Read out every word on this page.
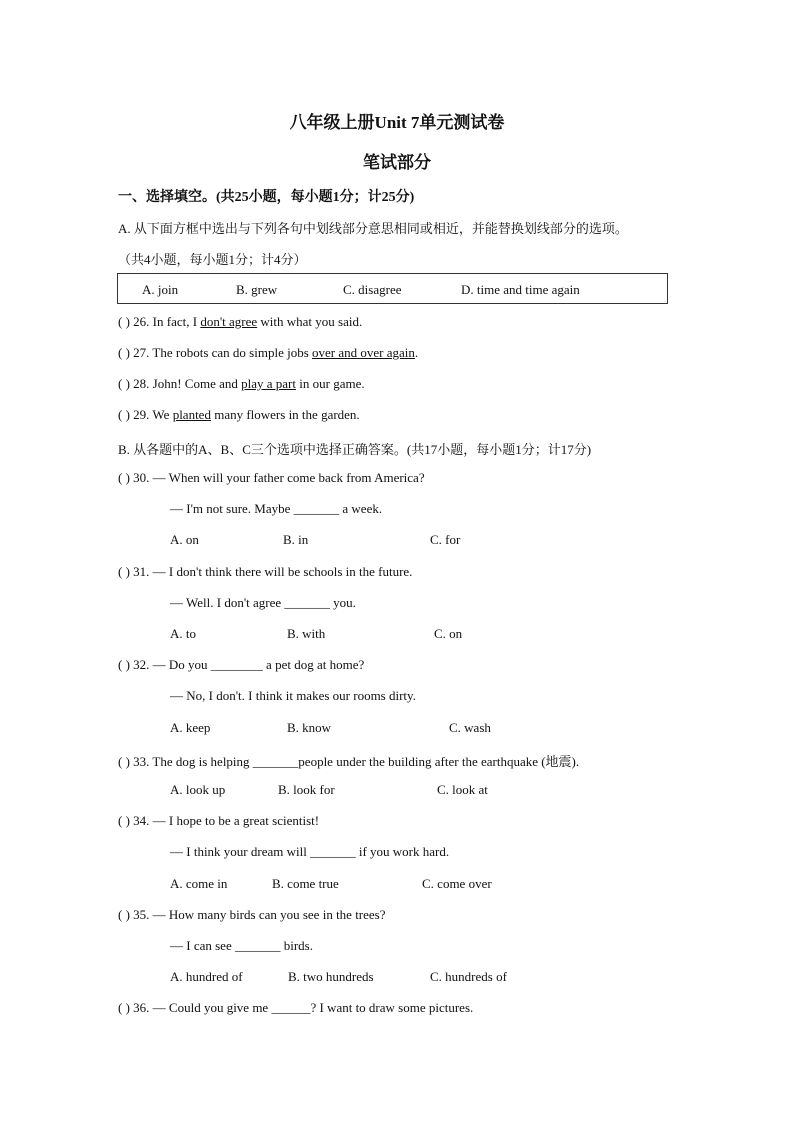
八年级上册Unit 7单元测试卷
笔试部分
一、选择填空。(共25小题，每小题1分；计25分)
A. 从下面方框中选出与下列各句中划线部分意思相同或相近，并能替换划线部分的选项。
（共4小题，每小题1分；计4分）
A. join	B. grew	C. disagree	D. time and time again
( ) 26. In fact, I don't agree with what you said.
( ) 27. The robots can do simple jobs over and over again.
( ) 28. John! Come and play a part in our game.
( ) 29. We planted many flowers in the garden.
B. 从各题中的A、B、C三个选项中选择正确答案。(共17小题，每小题1分；计17分)
( ) 30. — When will your father come back from America?
— I'm not sure. Maybe _______ a week.
A. on	B. in	C. for
( ) 31. — I don't think there will be schools in the future.
— Well. I don't agree _______ you.
A. to	B. with	C. on
( ) 32. — Do you ________ a pet dog at home?
— No, I don't. I think it makes our rooms dirty.
A. keep	B. know	C. wash
( ) 33. The dog is helping _______people under the building after the earthquake (地震).
A. look up	B. look for	C. look at
( ) 34. — I hope to be a great scientist!
— I think your dream will _______ if you work hard.
A. come in	B. come true	C. come over
( ) 35. — How many birds can you see in the trees?
— I can see _______ birds.
A. hundred of	B. two hundreds	C. hundreds of
( ) 36. — Could you give me ______? I want to draw some pictures.
